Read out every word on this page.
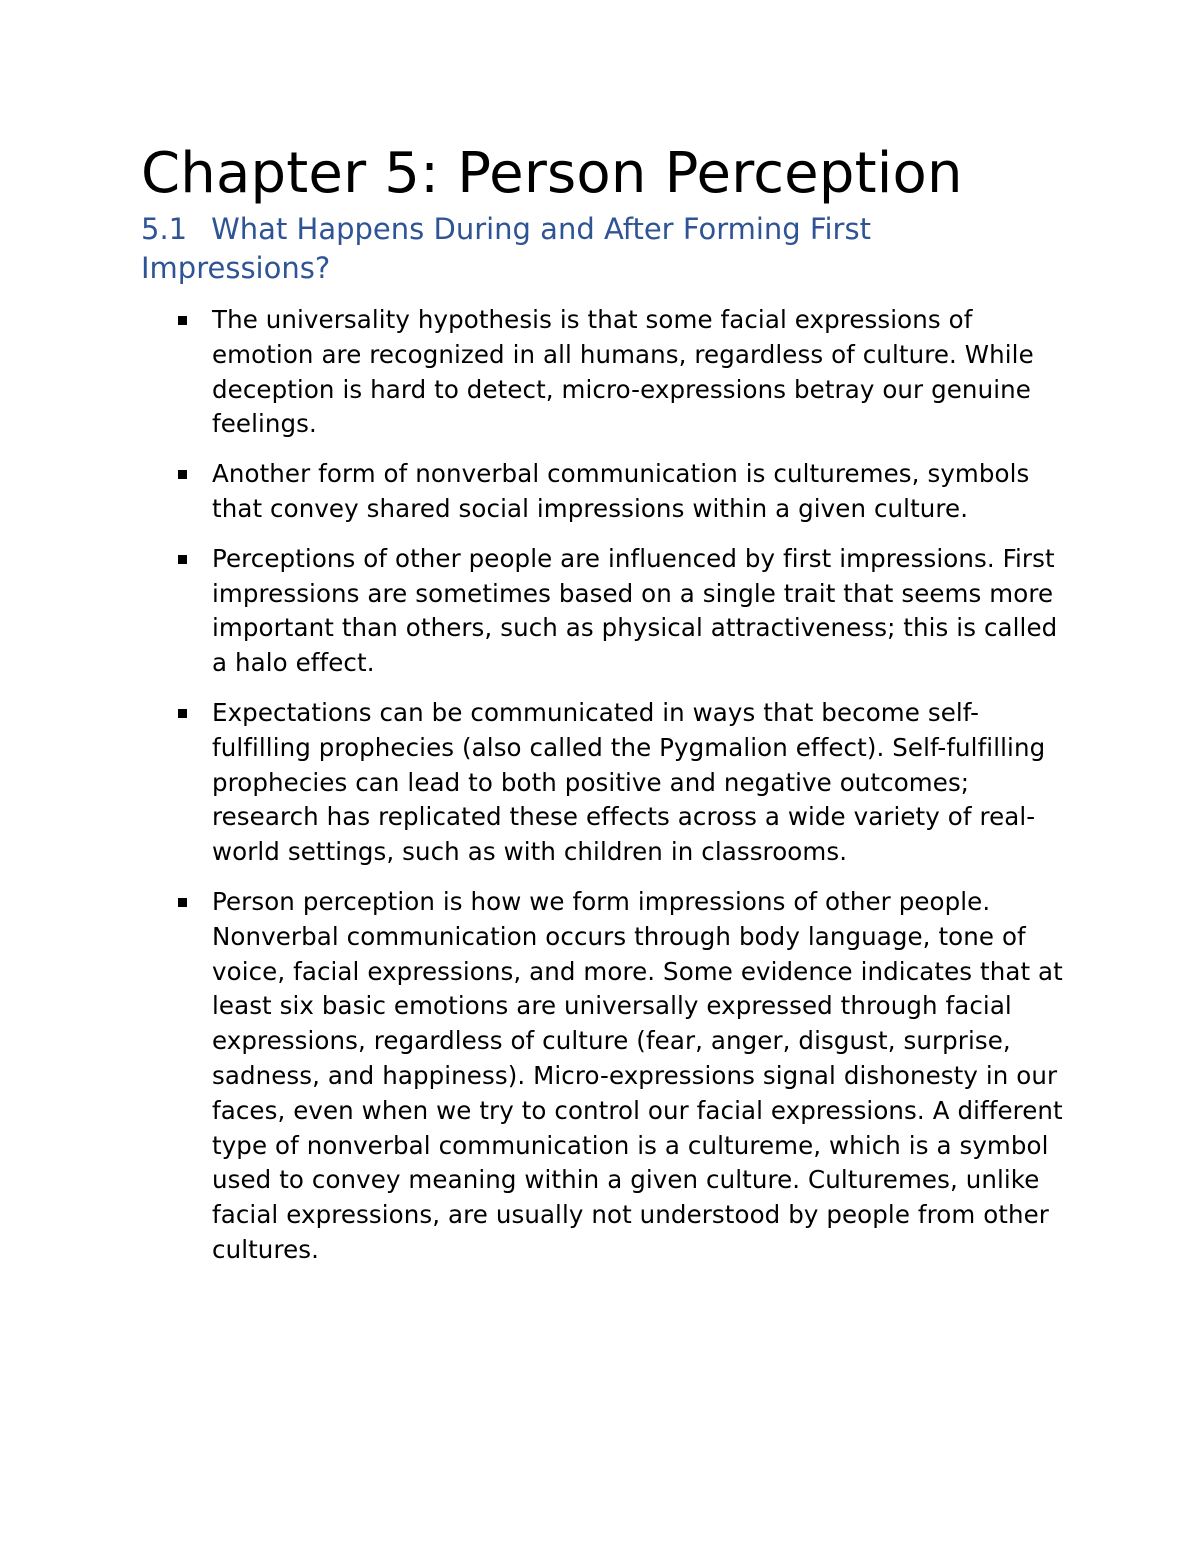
Chapter 5: Person Perception
5.1 What Happens During and After Forming First Impressions?
The universality hypothesis is that some facial expressions of emotion are recognized in all humans, regardless of culture. While deception is hard to detect, micro-expressions betray our genuine feelings.
Another form of nonverbal communication is culturemes, symbols that convey shared social impressions within a given culture.
Perceptions of other people are influenced by first impressions. First impressions are sometimes based on a single trait that seems more important than others, such as physical attractiveness; this is called a halo effect.
Expectations can be communicated in ways that become self-fulfilling prophecies (also called the Pygmalion effect). Self-fulfilling prophecies can lead to both positive and negative outcomes; research has replicated these effects across a wide variety of real-world settings, such as with children in classrooms.
Person perception is how we form impressions of other people. Nonverbal communication occurs through body language, tone of voice, facial expressions, and more. Some evidence indicates that at least six basic emotions are universally expressed through facial expressions, regardless of culture (fear, anger, disgust, surprise, sadness, and happiness). Micro-expressions signal dishonesty in our faces, even when we try to control our facial expressions. A different type of nonverbal communication is a cultureme, which is a symbol used to convey meaning within a given culture. Culturemes, unlike facial expressions, are usually not understood by people from other cultures.
